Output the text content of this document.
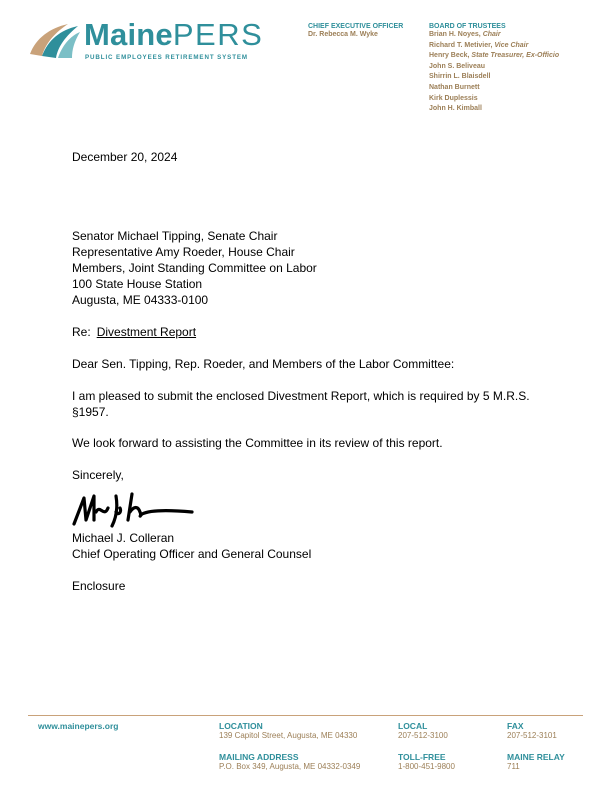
MainePERS
PUBLIC EMPLOYEES RETIREMENT SYSTEM
CHIEF EXECUTIVE OFFICER
Dr. Rebecca M. Wyke
BOARD OF TRUSTEES
Brian H. Noyes, Chair
Richard T. Metivier, Vice Chair
Henry Beck, State Treasurer, Ex-Officio
John S. Beliveau
Shirrin L. Blaisdell
Nathan Burnett
Kirk Duplessis
John H. Kimball
December 20, 2024
Senator Michael Tipping, Senate Chair
Representative Amy Roeder, House Chair
Members, Joint Standing Committee on Labor
100 State House Station
Augusta, ME 04333-0100
Re: Divestment Report
Dear Sen. Tipping, Rep. Roeder, and Members of the Labor Committee:
I am pleased to submit the enclosed Divestment Report, which is required by 5 M.R.S.
§1957.
We look forward to assisting the Committee in its review of this report.
Sincerely,
Michael J. Colleran
Chief Operating Officer and General Counsel
Enclosure
www.mainepers.org	LOCATION
139 Capitol Street, Augusta, ME 04330
LOCAL
207-512-3100
FAX
207-512-3101
MAILING ADDRESS
P.O. Box 349, Augusta, ME 04332-0349
TOLL-FREE
1-800-451-9800
MAINE RELAY
711
